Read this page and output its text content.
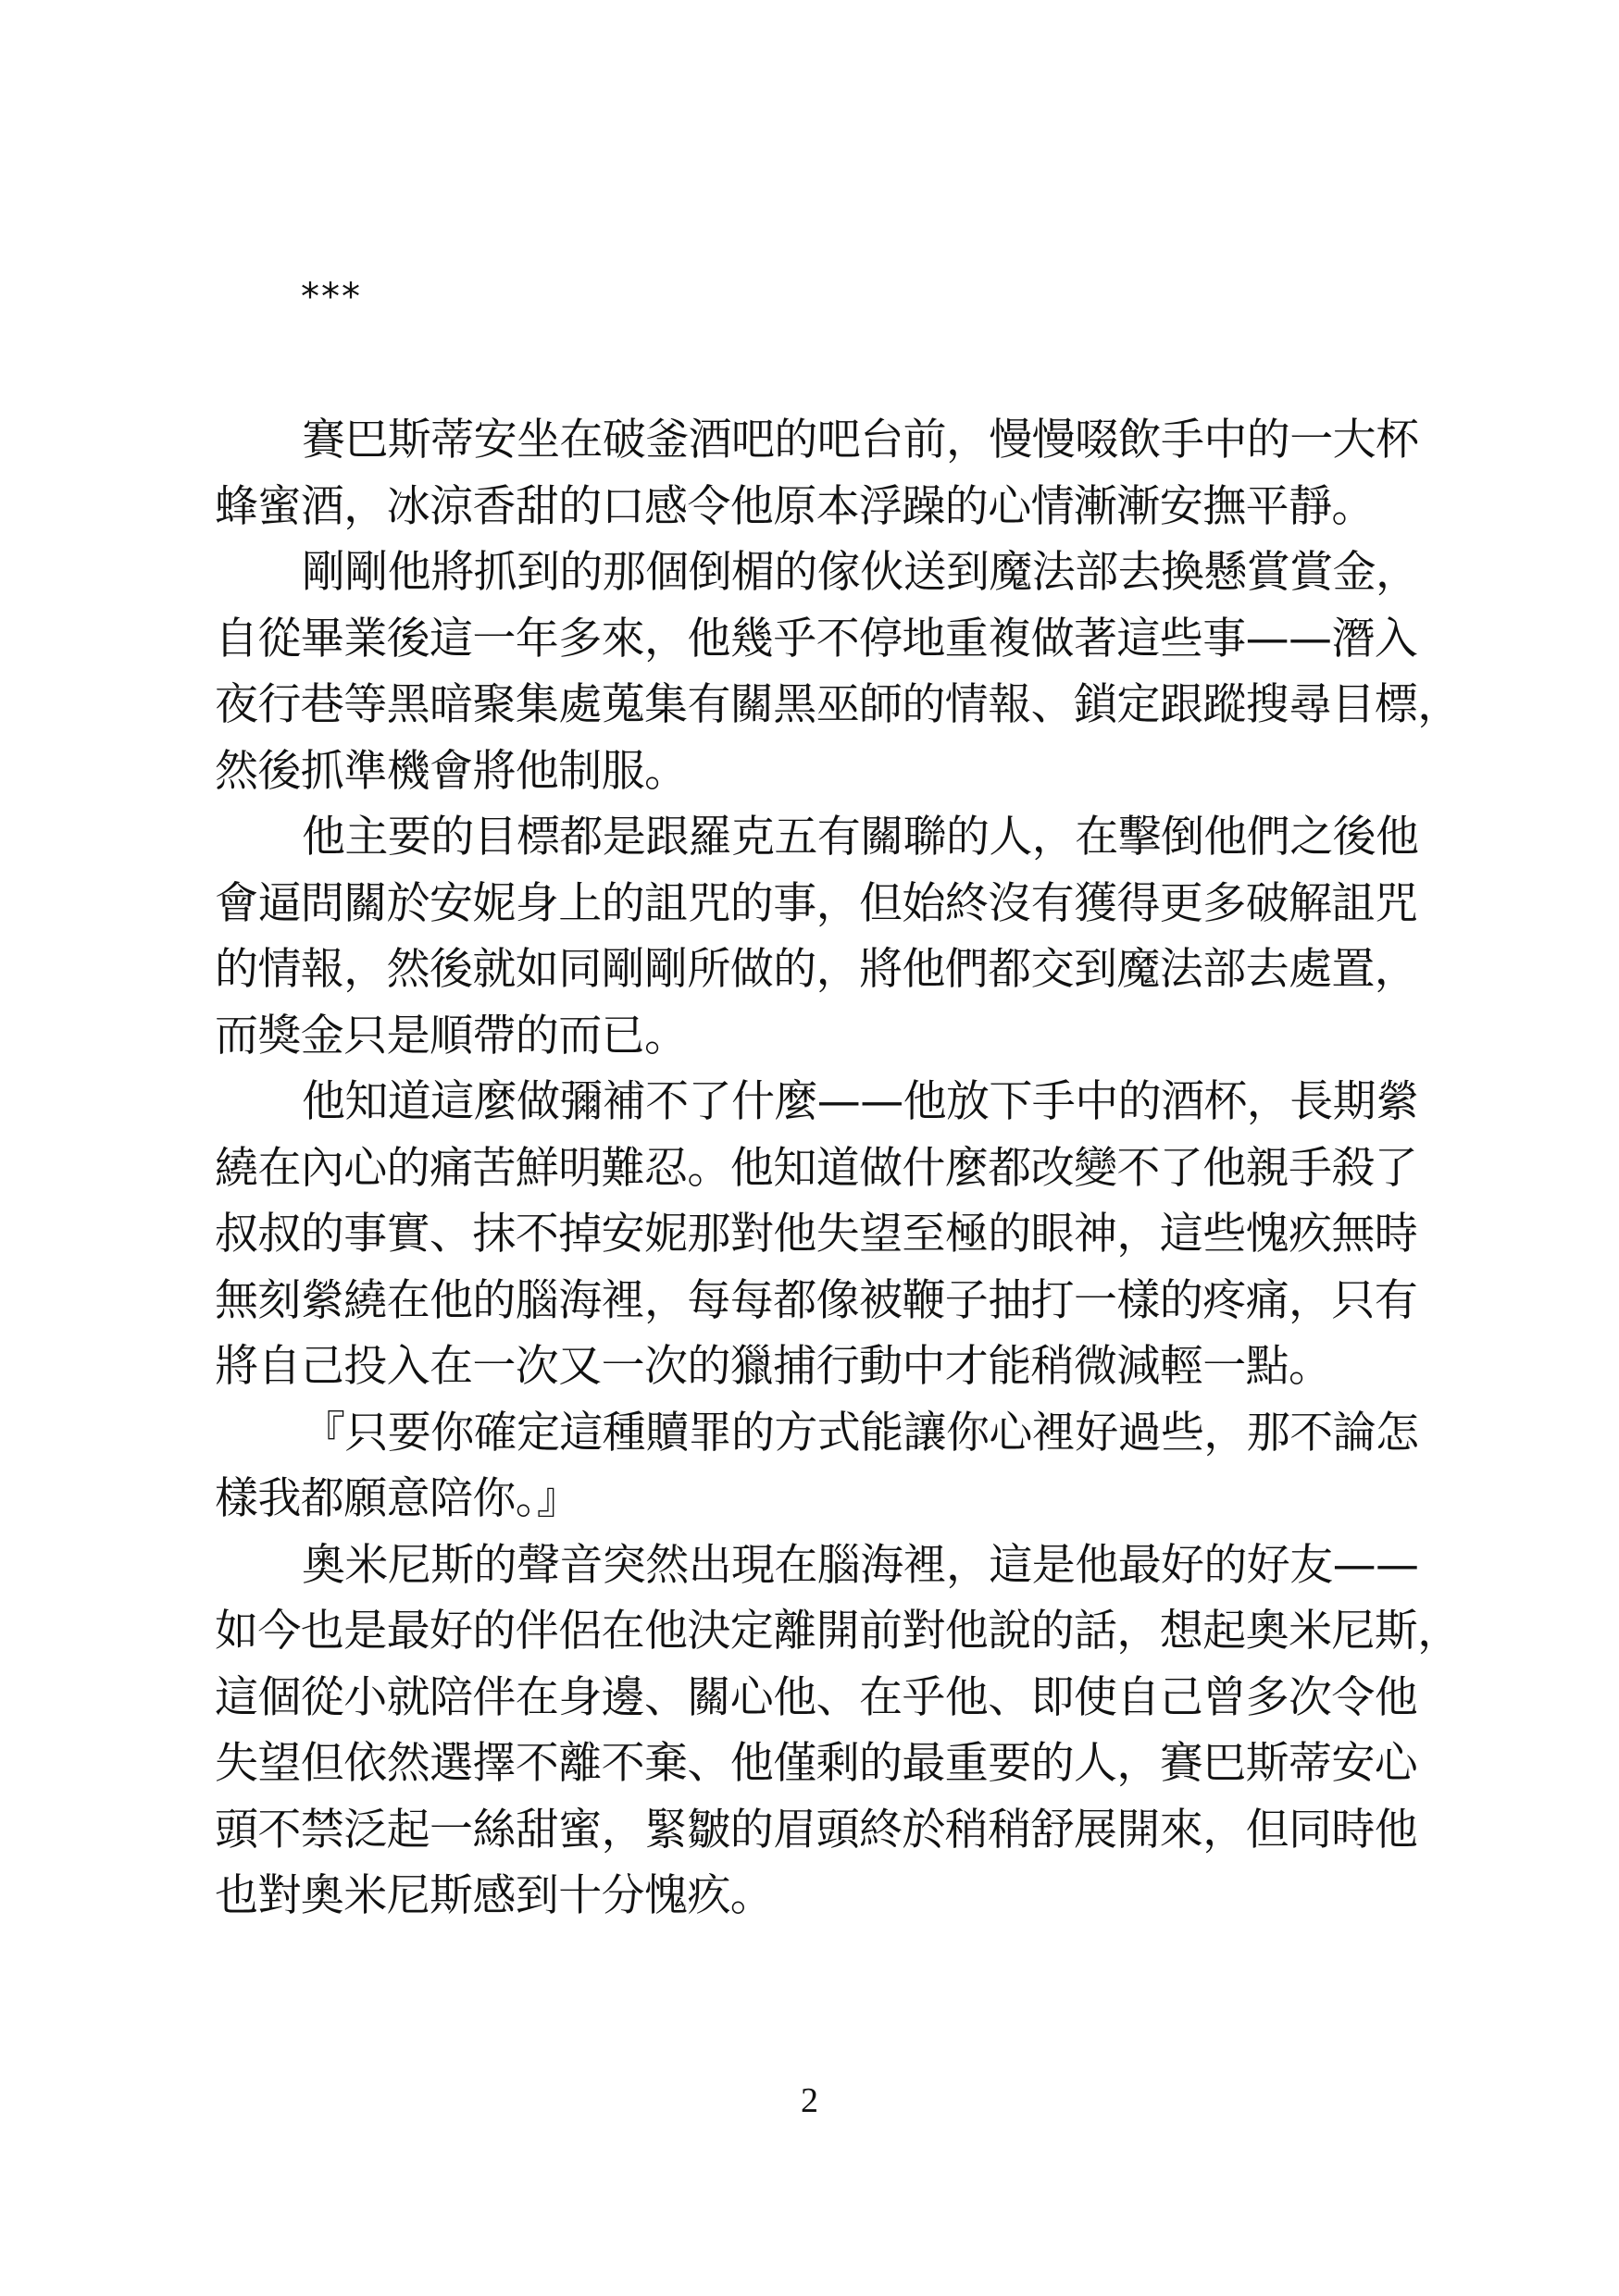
***
賽巴斯蒂安坐在破釜酒吧的吧台前，慢慢啜飲手中的一大杯
蜂蜜酒，冰涼香甜的口感令他原本浮躁的心情漸漸安撫平靜。
剛剛他將抓到的那個倒楣的傢伙送到魔法部去換懸賞賞金，
自從畢業後這一年多來，他幾乎不停地重複做著這些事——潛入
夜行巷等黑暗聚集處蒐集有關黑巫師的情報、鎖定跟蹤搜尋目標，
然後抓準機會將他制服。
他主要的目標都是跟羅克五有關聯的人，在擊倒他們之後他
會逼問關於安妮身上的詛咒的事，但始終沒有獲得更多破解詛咒
的情報，然後就如同剛剛所做的，將他們都交到魔法部去處置，
而獎金只是順帶的而已。
他知道這麼做彌補不了什麼——他放下手中的酒杯，長期縈
繞在內心的痛苦鮮明難忍。他知道做什麼都改變不了他親手殺了
叔叔的事實、抹不掉安妮那對他失望至極的眼神，這些愧疚無時
無刻縈繞在他的腦海裡，每每都像被鞭子抽打一樣的疼痛，只有
將自己投入在一次又一次的獵捕行動中才能稍微減輕一點。
『只要你確定這種贖罪的方式能讓你心裡好過些，那不論怎
樣我都願意陪你。』
奧米尼斯的聲音突然出現在腦海裡，這是他最好的好友——
如今也是最好的伴侶在他決定離開前對他說的話，想起奧米尼斯，
這個從小就陪伴在身邊、關心他、在乎他、即使自己曾多次令他
失望但依然選擇不離不棄、他僅剩的最重要的人，賽巴斯蒂安心
頭不禁泛起一絲甜蜜，緊皺的眉頭終於稍稍舒展開來，但同時他
也對奧米尼斯感到十分愧疚。
2
